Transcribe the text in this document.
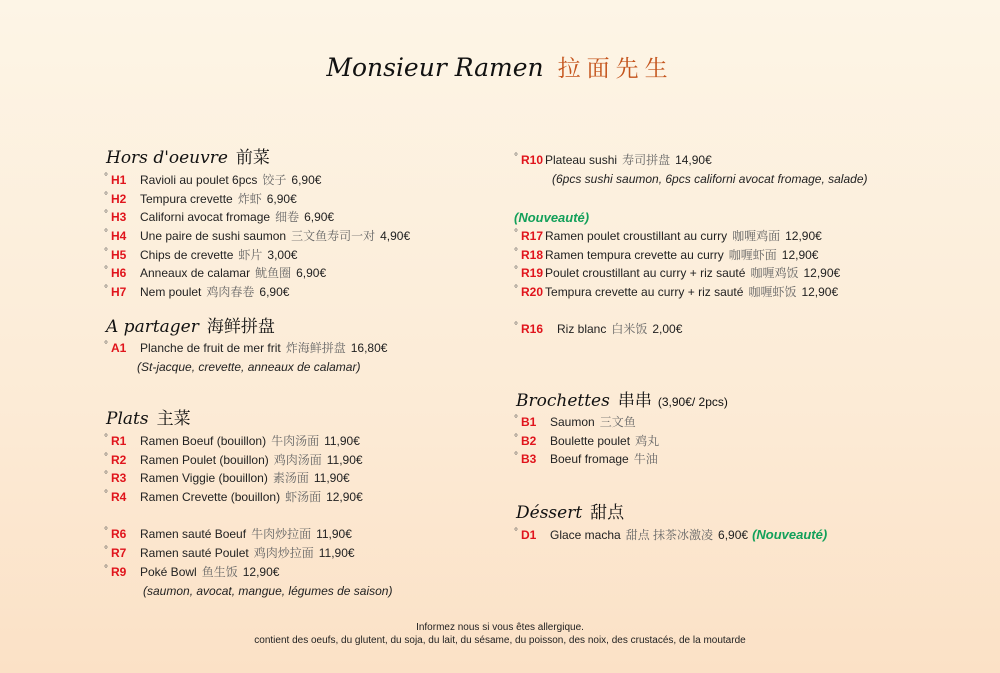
Monsieur Ramen 拉面先生
Hors d'oeuvre 前菜
° H1 Ravioli au poulet 6pcs 饺子 6,90€
° H2 Tempura crevette 炸虾 6,90€
° H3 Californi avocat fromage 细卷 6,90€
° H4 Une paire de sushi saumon 三文鱼寿司一对 4,90€
° H5 Chips de crevette 虾片 3,00€
° H6 Anneaux de calamar 鱿鱼圈 6,90€
° H7 Nem poulet 鸡肉春卷 6,90€
A partager 海鲜拼盘
° A1 Planche de fruit de mer frit 炸海鲜拼盘 16,80€
(St-jacque, crevette, anneaux de calamar)
Plats 主菜
° R1 Ramen Boeuf (bouillon) 牛肉汤面 11,90€
° R2 Ramen Poulet (bouillon) 鸡肉汤面 11,90€
° R3 Ramen Viggie (bouillon) 素汤面 11,90€
° R4 Ramen Crevette (bouillon) 虾汤面 12,90€
° R6 Ramen sauté Boeuf 牛肉炒拉面 11,90€
° R7 Ramen sauté Poulet 鸡肉炒拉面 11,90€
° R9 Poké Bowl 鱼生饭 12,90€
(saumon, avocat, mangue, légumes de saison)
° R10 Plateau sushi 寿司拼盘 14,90€
(6pcs sushi saumon, 6pcs californi avocat fromage, salade)
(Nouveauté)
° R17 Ramen poulet croustillant au curry 咖喱鸡面 12,90€
° R18 Ramen tempura crevette au curry 咖喱虾面 12,90€
° R19 Poulet croustillant au curry + riz sauté 咖喱鸡饭 12,90€
° R20 Tempura crevette au curry + riz sauté 咖喱虾饭 12,90€
° R16 Riz blanc 白米饭 2,00€
Brochettes 串串 (3,90€/ 2pcs)
° B1 Saumon 三文鱼
° B2 Boulette poulet 鸡丸
° B3 Boeuf fromage 牛油
Déssert 甜点
° D1 Glace macha 甜点 抹茶冰激凌 6,90€ (Nouveauté)
Informez nous si vous êtes allergique.
contient des oeufs, du glutent, du soja, du lait, du sésame, du poisson, des noix, des crustacés, de la moutarde
